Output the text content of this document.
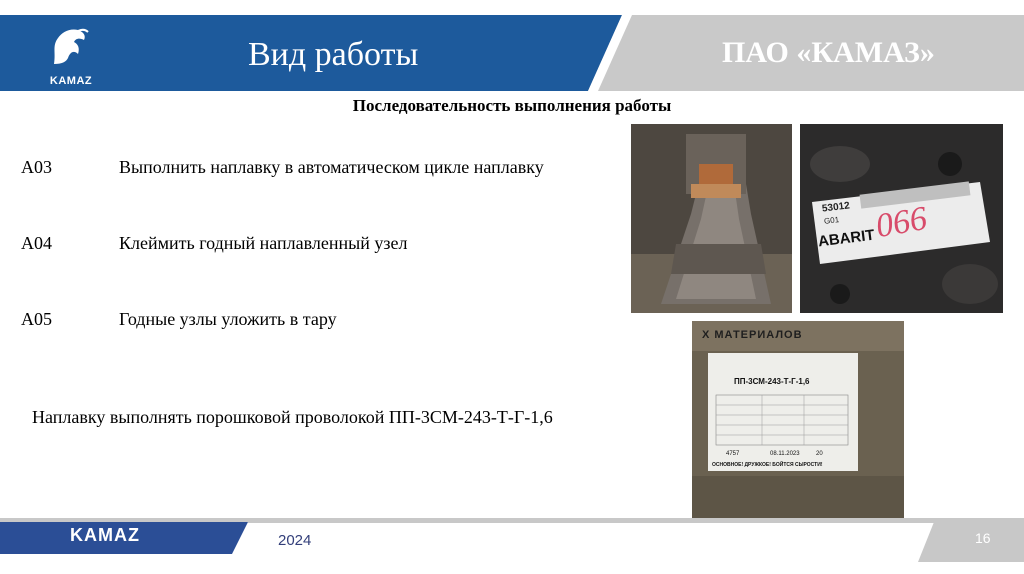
KAMAZ
Вид работы	ПАО «КАМАЗ»
Последовательность выполнения работы
А03	Выполнить наплавку в автоматическом цикле наплавку
А04	Клеймить годный наплавленный узел
А05	Годные узлы уложить в тару
Наплавку выполнять порошковой проволокой ПП-3СМ-243-Т-Г-1,6
53012
G01
ABARIT
066
Х МАТЕРИАЛОВ
ПП-3СМ-243-Т-Г-1,6
4757	08.11.2023	20
ОСНОВНОЕ! ДРУЖКОЕ! БОЙТСЯ СЫРОСТИ!
KAMAZ	2024	16
